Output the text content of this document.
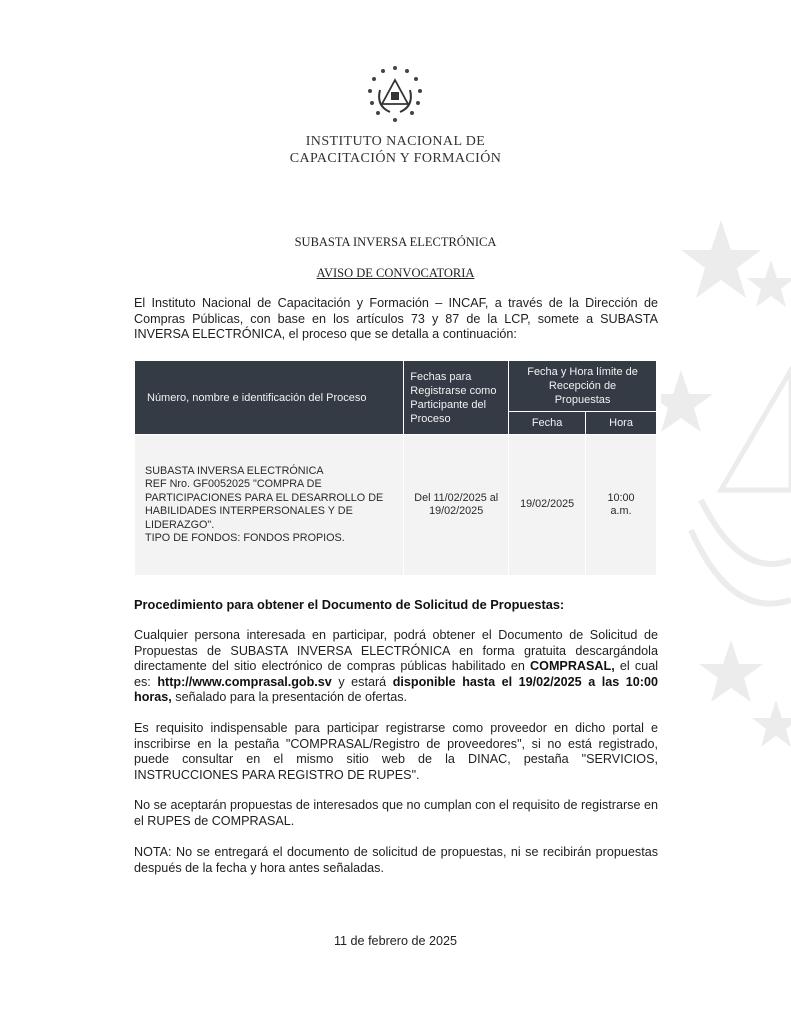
INSTITUTO NACIONAL DE
CAPACITACIÓN Y FORMACIÓN
SUBASTA INVERSA ELECTRÓNICA
AVISO DE CONVOCATORIA
El Instituto Nacional de Capacitación y Formación – INCAF, a través de la Dirección de Compras Públicas, con base en los artículos 73 y 87 de la LCP, somete a SUBASTA INVERSA ELECTRÓNICA, el proceso que se detalla a continuación:
Número, nombre e identificación del Proceso	Fechas para Registrarse como Participante del Proceso	Fecha y Hora límite de Recepción de Propuestas	
		Fecha	Hora

SUBASTA INVERSA ELECTRÓNICA
REF Nro. GF0052025 "COMPRA DE PARTICIPACIONES PARA EL DESARROLLO DE HABILIDADES INTERPERSONALES Y DE LIDERAZGO".
TIPO DE FONDOS: FONDOS PROPIOS.	Del 11/02/2025 al 19/02/2025	19/02/2025	10:00 a.m.
Procedimiento para obtener el Documento de Solicitud de Propuestas:
Cualquier persona interesada en participar, podrá obtener el Documento de Solicitud de Propuestas de SUBASTA INVERSA ELECTRÓNICA en forma gratuita descargándola directamente del sitio electrónico de compras públicas habilitado en COMPRASAL, el cual es: http://www.comprasal.gob.sv y estará disponible hasta el 19/02/2025 a las 10:00 horas, señalado para la presentación de ofertas.
Es requisito indispensable para participar registrarse como proveedor en dicho portal e inscribirse en la pestaña "COMPRASAL/Registro de proveedores", si no está registrado, puede consultar en el mismo sitio web de la DINAC, pestaña "SERVICIOS, INSTRUCCIONES PARA REGISTRO DE RUPES".
No se aceptarán propuestas de interesados que no cumplan con el requisito de registrarse en el RUPES de COMPRASAL.
NOTA: No se entregará el documento de solicitud de propuestas, ni se recibirán propuestas después de la fecha y hora antes señaladas.
11 de febrero de 2025
